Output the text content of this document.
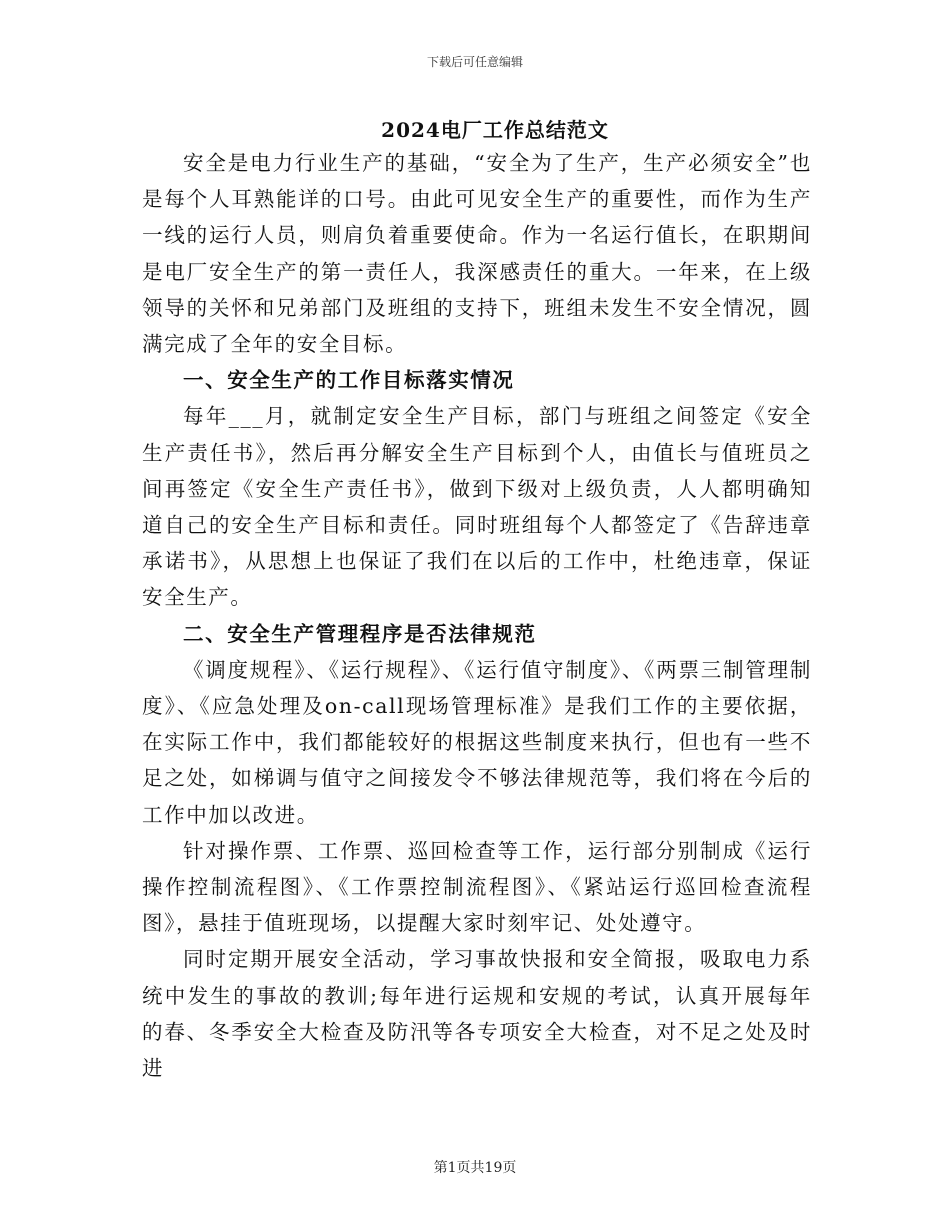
下载后可任意编辑
2024电厂工作总结范文

安全是电力行业生产的基础，“安全为了生产，生产必须安全”也是每个人耳熟能详的口号。由此可见安全生产的重要性，而作为生产一线的运行人员，则肩负着重要使命。作为一名运行值长，在职期间是电厂安全生产的第一责任人，我深感责任的重大。一年来，在上级领导的关怀和兄弟部门及班组的支持下，班组未发生不安全情况，圆满完成了全年的安全目标。

一、安全生产的工作目标落实情况

每年___月，就制定安全生产目标，部门与班组之间签定《安全生产责任书》，然后再分解安全生产目标到个人，由值长与值班员之间再签定《安全生产责任书》，做到下级对上级负责，人人都明确知道自己的安全生产目标和责任。同时班组每个人都签定了《告辞违章承诺书》，从思想上也保证了我们在以后的工作中，杜绝违章，保证安全生产。

二、安全生产管理程序是否法律规范

《调度规程》、《运行规程》、《运行值守制度》、《两票三制管理制度》、《应急处理及on-call现场管理标准》是我们工作的主要依据，在实际工作中，我们都能较好的根据这些制度来执行，但也有一些不足之处，如梯调与值守之间接发令不够法律规范等，我们将在今后的工作中加以改进。

针对操作票、工作票、巡回检查等工作，运行部分别制成《运行操作控制流程图》、《工作票控制流程图》、《紧站运行巡回检查流程图》，悬挂于值班现场，以提醒大家时刻牢记、处处遵守。

同时定期开展安全活动，学习事故快报和安全简报，吸取电力系统中发生的事故的教训;每年进行运规和安规的考试，认真开展每年的春、冬季安全大检查及防汛等各专项安全大检查，对不足之处及时进

第1页共19页
